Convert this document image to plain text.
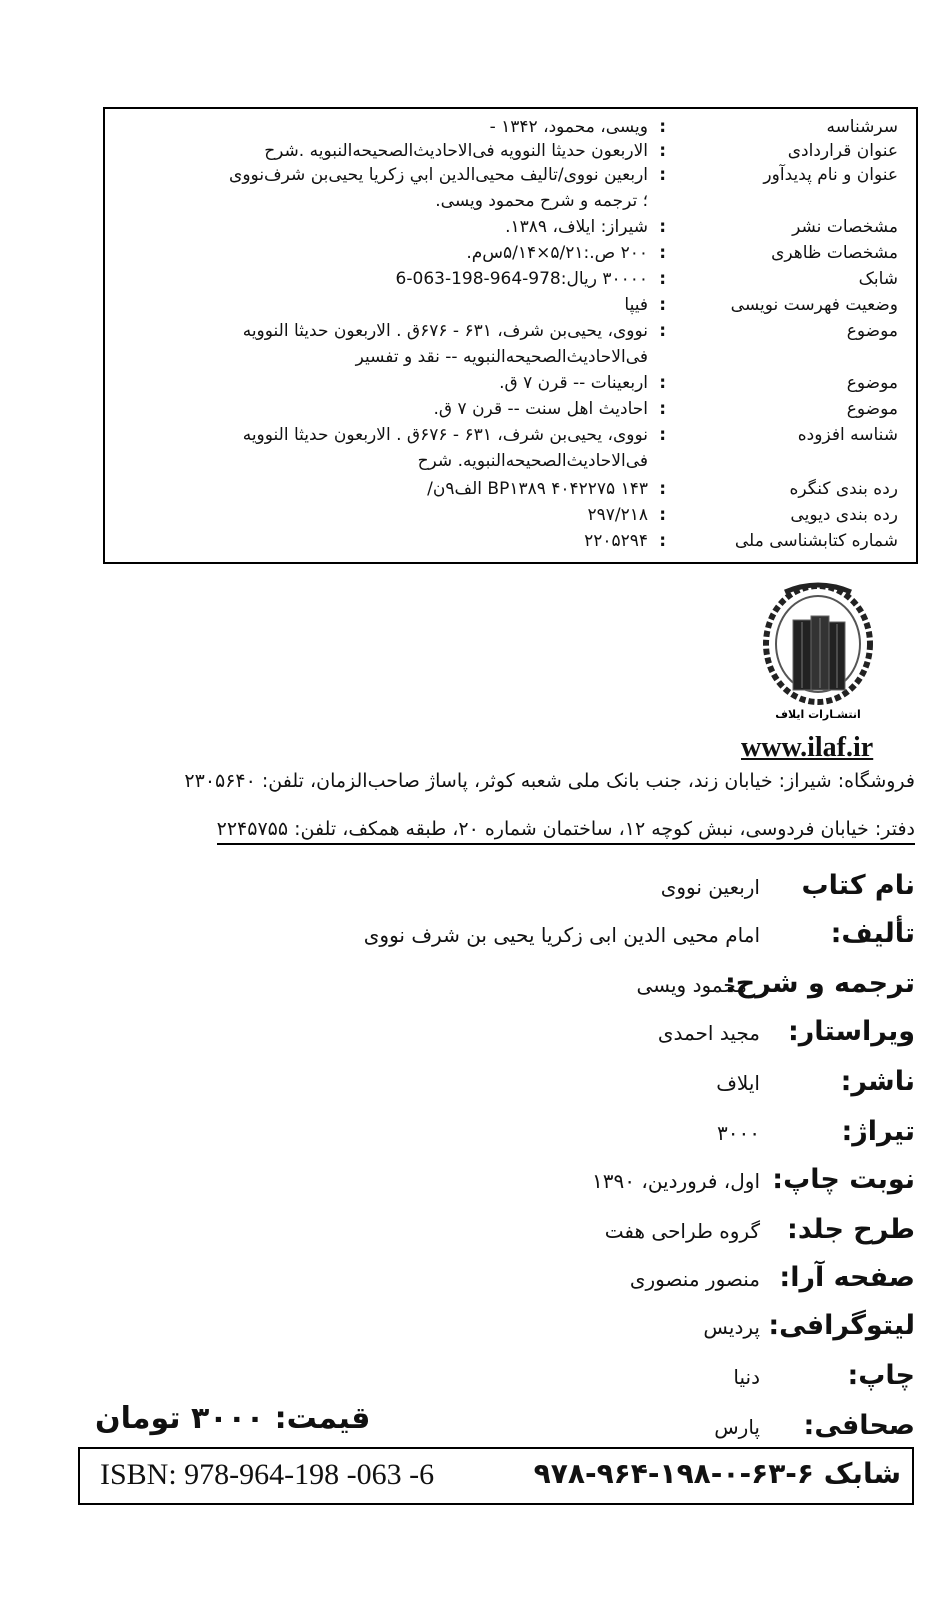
سرشناسه
:
ویسی، محمود، ۱۳۴۲ -
عنوان قراردادی
:
الاربعون حدیثا النوویه فی‌الاحادیث‌الصحیحه‌النبویه .شرح
عنوان و نام پدیدآور
:
اربعین نووی/تالیف محیی‌الدین ابي زکریا یحیی‌بن شرف‌نووی
؛ ترجمه و شرح محمود ویسی.
مشخصات نشر
:
شیراز: ایلاف، ۱۳۸۹.
مشخصات ظاهری
:
۲۰۰ ص.:۵/۲۱×۵/۱۴س‌م.
شابک
:
۳۰۰۰۰ ریال:978-964-198-063-6
وضعیت فهرست نویسی
:
فیپا
موضوع
:
نووی، یحیی‌بن شرف، ۶۳۱ - ۶۷۶ق . الاربعون حدیثا النوویه
فی‌الاحادیث‌الصحیحه‌النبویه -- نقد و تفسیر
موضوع
:
اربعینات -- قرن ۷ ق.
موضوع
:
احادیث اهل سنت -- قرن ۷ ق.
شناسه افزوده
:
نووی، یحیی‌بن شرف، ۶۳۱ - ۶۷۶ق . الاربعون حدیثا النوویه
فی‌الاحادیث‌الصحیحه‌النبویه. شرح
رده بندی کنگره
:
۱۴۳ BP۱۳۸۹ ۴۰۴۲۲۷۵ الف۹ن/
رده بندی دیویی
:
۲۹۷/۲۱۸
شماره کتابشناسی ملی
:
۲۲۰۵۲۹۴
انتشـارات ایلاف
www.ilaf.ir
فروشگاه: شیراز: خیابان زند، جنب بانک ملی شعبه کوثر، پاساژ صاحب‌الزمان، تلفن: ۲۳۰۵۶۴۰
دفتر: خیابان فردوسی، نبش کوچه ۱۲، ساختمان شماره ۲۰، طبقه همکف، تلفن: ۲۲۴۵۷۵۵
نام کتاب
اربعین نووی
تألیف:
امام محیی الدین ابی زکریا یحیی بن شرف نووی
ترجمه و شرح:
محمود ویسی
ویراستار:
مجید احمدی
ناشر:
ایلاف
تیراژ:
۳۰۰۰
نوبت چاپ:
اول، فروردین، ۱۳۹۰
طرح جلد:
گروه طراحی هفت
صفحه آرا:
منصور منصوری
لیتوگرافی:
پردیس
چاپ:
دنیا
صحافی:
پارس
قیمت: ۳۰۰۰ تومان
ISBN: 978-964-198 -063 -6	شابک ۶-۶۳-۰-۱۹۸-۹۶۴-۹۷۸
